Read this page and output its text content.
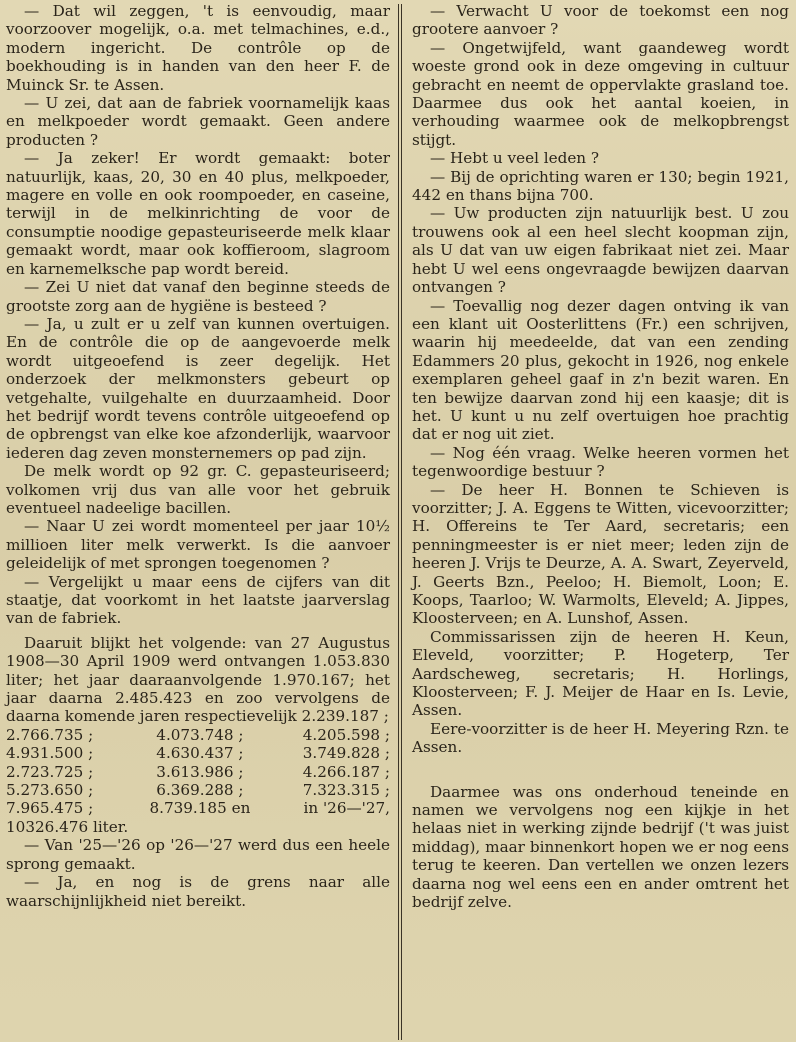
— Dat wil zeggen, 't is eenvoudig, maar voorzoover mogelijk, o.a. met telmachines, e.d., modern ingericht. De contrôle op de boekhouding is in handen van den heer F. de Muinck Sr. te Assen.

— U zei, dat aan de fabriek voornamelijk kaas en melkpoeder wordt gemaakt. Geen andere producten ?

— Ja zeker! Er wordt gemaakt: boter natuurlijk, kaas, 20, 30 en 40 plus, melkpoeder, magere en volle en ook roompoeder, en caseine, terwijl in de melkinrichting de voor de consumptie noodige gepasteuriseerde melk klaar gemaakt wordt, maar ook koffieroom, slagroom en karnemelksche pap wordt bereid.

— Zei U niet dat vanaf den beginne steeds de grootste zorg aan de hygiëne is besteed ?

— Ja, u zult er u zelf van kunnen overtuigen. En de contrôle die op de aangevoerde melk wordt uitgeoefend is zeer degelijk. Het onderzoek der melkmonsters gebeurt op vetgehalte, vuilgehalte en duurzaamheid. Door het bedrijf wordt tevens contrôle uitgeoefend op de opbrengst van elke koe afzonderlijk, waarvoor iederen dag zeven monsternemers op pad zijn.

De melk wordt op 92 gr. C. gepasteuriseerd; volkomen vrij dus van alle voor het gebruik eventueel nadeelige bacillen.

— Naar U zei wordt momenteel per jaar 10½ millioen liter melk verwerkt. Is die aanvoer geleidelijk of met sprongen toegenomen ?

— Vergelijkt u maar eens de cijfers van dit staatje, dat voorkomt in het laatste jaarverslag van de fabriek.

Daaruit blijkt het volgende: van 27 Augustus 1908—30 April 1909 werd ontvangen 1.053.830 liter; het jaar daaraanvolgende 1.970.167; het jaar daarna 2.485.423 en zoo vervolgens de daarna komende jaren respectievelijk 2.239.187 ;

2.766.735 ;	4.073.748 ;	4.205.598 ;
4.931.500 ;	4.630.437 ;	3.749.828 ;
2.723.725 ;	3.613.986 ;	4.266.187 ;
5.273.650 ;	6.369.288 ;	7.323.315 ;
7.965.475 ;	8.739.185 en	in '26—'27,

10326.476 liter.

— Van '25—'26 op '26—'27 werd dus een heele sprong gemaakt.

— Ja, en nog is de grens naar alle waarschijnlijkheid niet bereikt.

— Verwacht U voor de toekomst een nog grootere aanvoer ?

— Ongetwijfeld, want gaandeweg wordt woeste grond ook in deze omgeving in cultuur gebracht en neemt de oppervlakte grasland toe. Daarmee dus ook het aantal koeien, in verhouding waarmee ook de melkopbrengst stijgt.

— Hebt u veel leden ?

— Bij de oprichting waren er 130; begin 1921, 442 en thans bijna 700.

— Uw producten zijn natuurlijk best. U zou trouwens ook al een heel slecht koopman zijn, als U dat van uw eigen fabrikaat niet zei. Maar hebt U wel eens ongevraagde bewijzen daarvan ontvangen ?

— Toevallig nog dezer dagen ontving ik van een klant uit Oosterlittens (Fr.) een schrijven, waarin hij meedeelde, dat van een zending Edammers 20 plus, gekocht in 1926, nog enkele exemplaren geheel gaaf in z'n bezit waren. En ten bewijze daarvan zond hij een kaasje; dit is het. U kunt u nu zelf overtuigen hoe prachtig dat er nog uit ziet.

— Nog één vraag. Welke heeren vormen het tegenwoordige bestuur ?

— De heer H. Bonnen te Schieven is voorzitter; J. A. Eggens te Witten, vicevoorzitter; H. Offereins te Ter Aard, secretaris; een penningmeester is er niet meer; leden zijn de heeren J. Vrijs te Deurze, A. A. Swart, Zeyerveld, J. Geerts Bzn., Peeloo; H. Biemolt, Loon; E. Koops, Taarloo; W. Warmolts, Eleveld; A. Jippes, Kloosterveen; en A. Lunshof, Assen.

Commissarissen zijn de heeren H. Keun, Eleveld, voorzitter; P. Hogeterp, Ter Aardscheweg, secretaris; H. Horlings, Kloosterveen; F. J. Meijer de Haar en Is. Levie, Assen.

Eere-voorzitter is de heer H. Meyering Rzn. te Assen.

Daarmee was ons onderhoud teneinde en namen we vervolgens nog een kijkje in het helaas niet in werking zijnde bedrijf ('t was juist middag), maar binnenkort hopen we er nog eens terug te keeren. Dan vertellen we onzen lezers daarna nog wel eens een en ander omtrent het bedrijf zelve.
